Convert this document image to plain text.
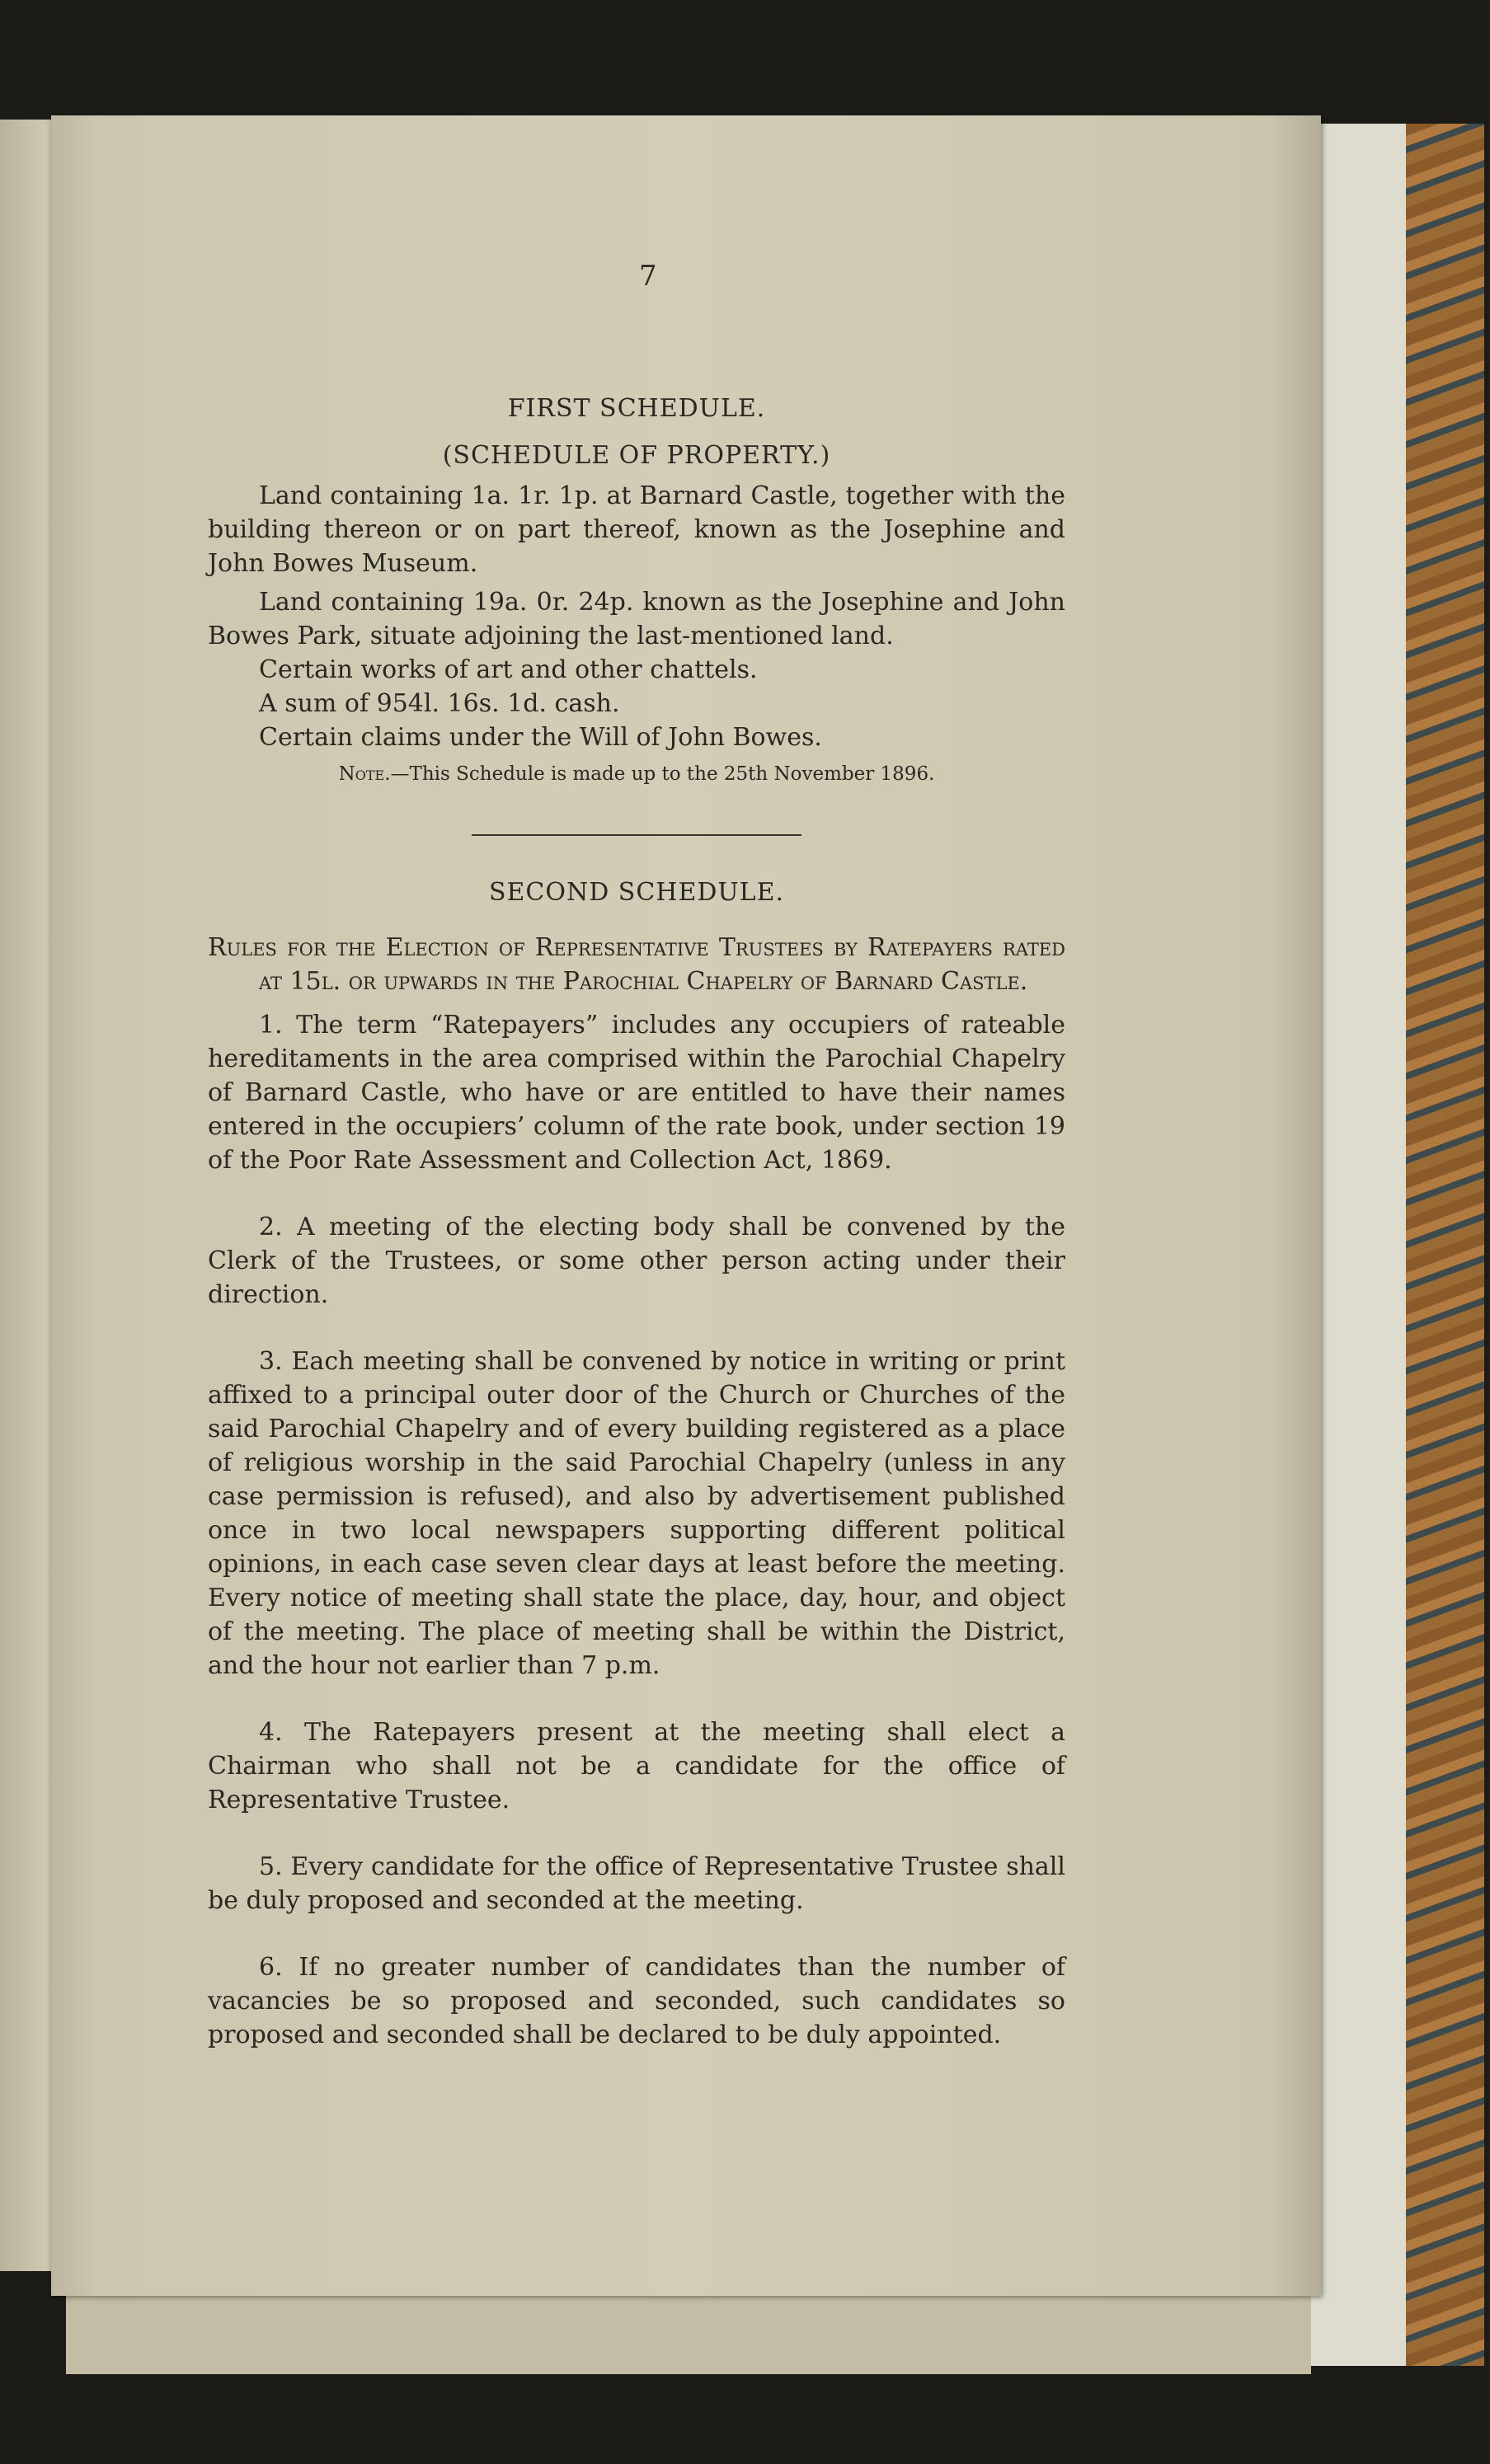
7
FIRST SCHEDULE.
(SCHEDULE OF PROPERTY.)

Land containing 1a. 1r. 1p. at Barnard Castle, together with the building thereon or on part thereof, known as the Josephine and John Bowes Museum.

Land containing 19a. 0r. 24p. known as the Josephine and John Bowes Park, situate adjoining the last-mentioned land.

Certain works of art and other chattels.

A sum of 954l. 16s. 1d. cash.

Certain claims under the Will of John Bowes.

Note.—This Schedule is made up to the 25th November 1896.
SECOND SCHEDULE.

Rules for the Election of Representative Trustees by Ratepayers rated at 15l. or upwards in the Parochial Chapelry of Barnard Castle.

1. The term “Ratepayers” includes any occupiers of rateable hereditaments in the area comprised within the Parochial Chapelry of Barnard Castle, who have or are entitled to have their names entered in the occupiers’ column of the rate book, under section 19 of the Poor Rate Assessment and Collection Act, 1869.

2. A meeting of the electing body shall be convened by the Clerk of the Trustees, or some other person acting under their direction.

3. Each meeting shall be convened by notice in writing or print affixed to a principal outer door of the Church or Churches of the said Parochial Chapelry and of every building registered as a place of religious worship in the said Parochial Chapelry (unless in any case permission is refused), and also by advertisement published once in two local newspapers supporting different political opinions, in each case seven clear days at least before the meeting. Every notice of meeting shall state the place, day, hour, and object of the meeting. The place of meeting shall be within the District, and the hour not earlier than 7 p.m.

4. The Ratepayers present at the meeting shall elect a Chairman who shall not be a candidate for the office of Representative Trustee.

5. Every candidate for the office of Representative Trustee shall be duly proposed and seconded at the meeting.

6. If no greater number of candidates than the number of vacancies be so proposed and seconded, such candidates so proposed and seconded shall be declared to be duly appointed.
